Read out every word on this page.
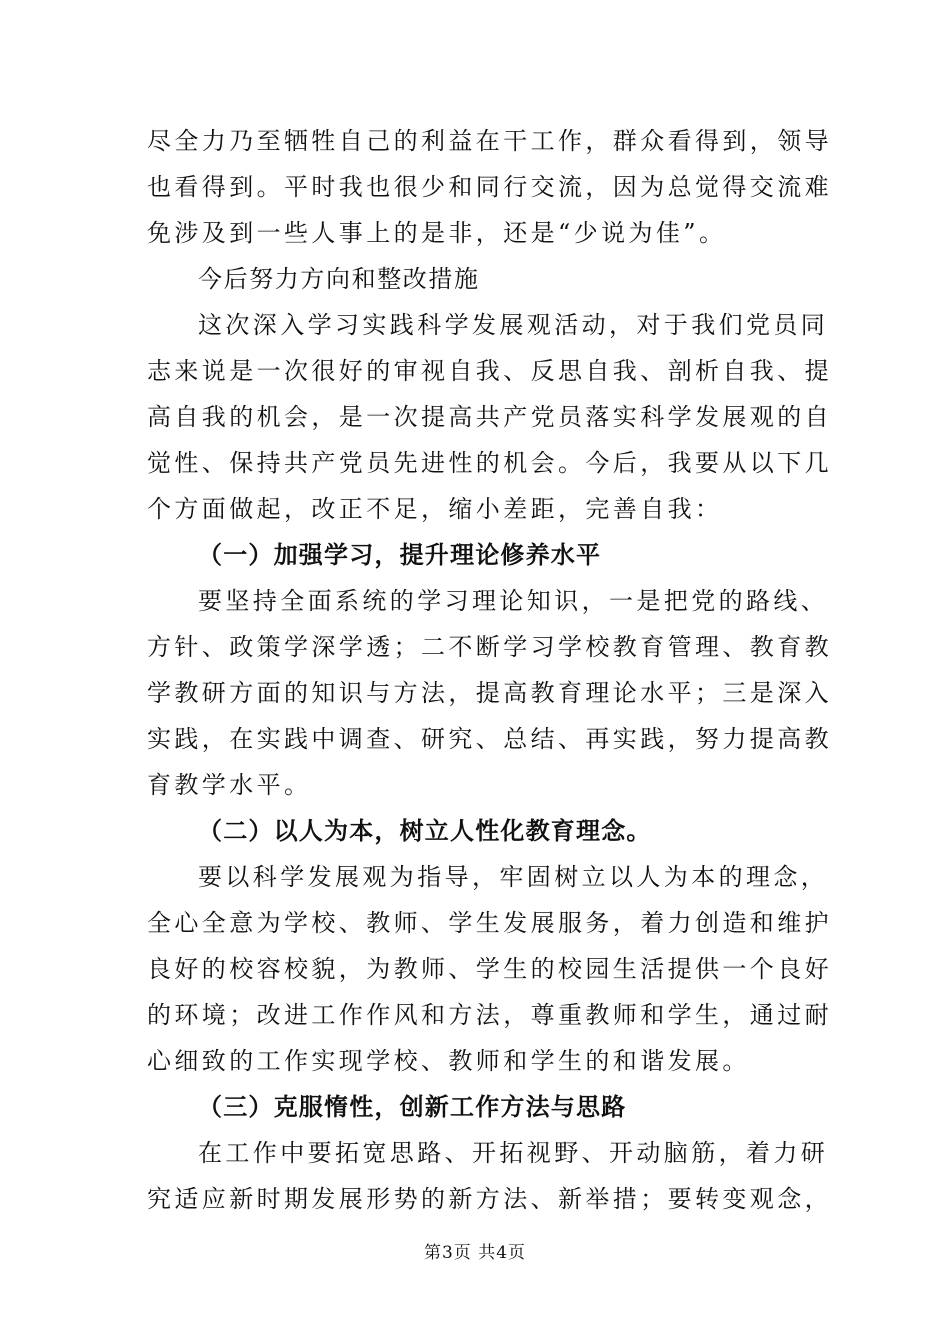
尽全力乃至牺牲自己的利益在干工作，群众看得到，领导
也看得到。平时我也很少和同行交流，因为总觉得交流难
免涉及到一些人事上的是非，还是“少说为佳”。
今后努力方向和整改措施
这次深入学习实践科学发展观活动，对于我们党员同
志来说是一次很好的审视自我、反思自我、剖析自我、提
高自我的机会，是一次提高共产党员落实科学发展观的自
觉性、保持共产党员先进性的机会。今后，我要从以下几
个方面做起，改正不足，缩小差距，完善自我：
（一）加强学习，提升理论修养水平
要坚持全面系统的学习理论知识，一是把党的路线、
方针、政策学深学透；二不断学习学校教育管理、教育教
学教研方面的知识与方法，提高教育理论水平；三是深入
实践，在实践中调查、研究、总结、再实践，努力提高教
育教学水平。
（二）以人为本，树立人性化教育理念。
要以科学发展观为指导，牢固树立以人为本的理念，
全心全意为学校、教师、学生发展服务，着力创造和维护
良好的校容校貌，为教师、学生的校园生活提供一个良好
的环境；改进工作作风和方法，尊重教师和学生，通过耐
心细致的工作实现学校、教师和学生的和谐发展。
（三）克服惰性，创新工作方法与思路
在工作中要拓宽思路、开拓视野、开动脑筋，着力研
究适应新时期发展形势的新方法、新举措；要转变观念，
第3页 共4页
